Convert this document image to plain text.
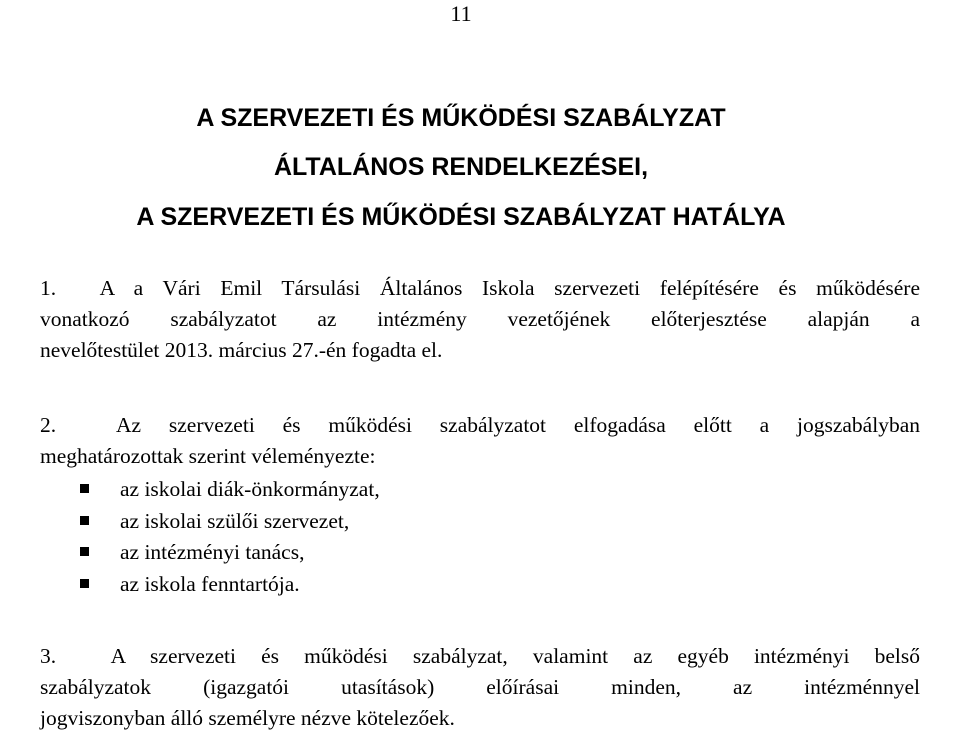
11
A SZERVEZETI ÉS MŰKÖDÉSI SZABÁLYZAT
ÁLTALÁNOS RENDELKEZÉSEI,
A SZERVEZETI ÉS MŰKÖDÉSI SZABÁLYZAT HATÁLYA
1. A a Vári Emil Társulási Általános Iskola szervezeti felépítésére és működésére
vonatkozó szabályzatot az intézmény vezetőjének előterjesztése alapján a
nevelőtestület 2013. március 27.-én fogadta el.
2.	Az szervezeti és működési szabályzatot elfogadása előtt a jogszabályban
meghatározottak szerint véleményezte:
az iskolai diák-önkormányzat,
az iskolai szülői szervezet,
az intézményi tanács,
az iskola fenntartója.
3.	A szervezeti és működési szabályzat, valamint az egyéb intézményi belső
szabályzatok (igazgatói utasítások) előírásai minden, az intézménnyel
jogviszonyban álló személyre nézve kötelezőek.
